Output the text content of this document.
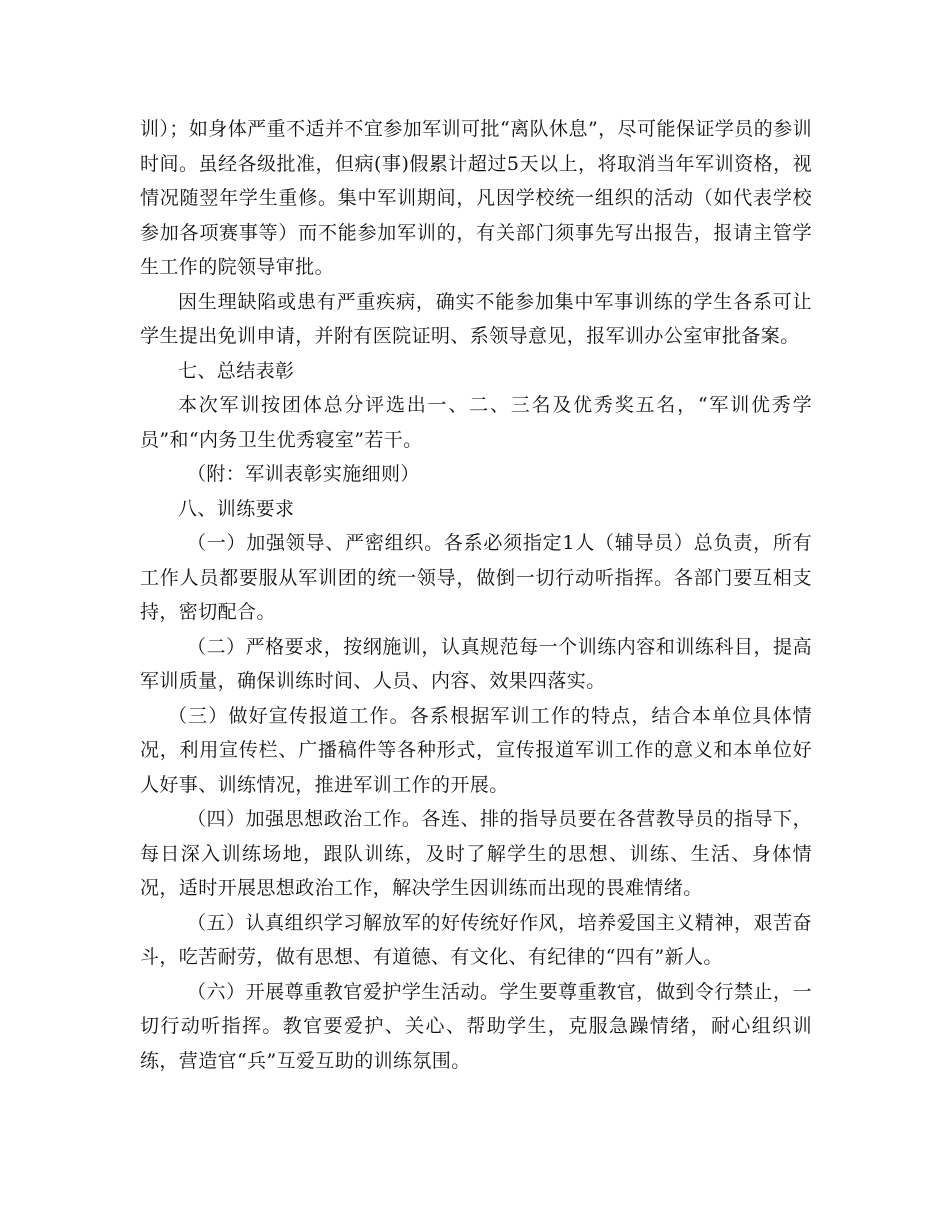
训）；如身体严重不适并不宜参加军训可批“离队休息”，尽可能保证学员的参训时间。虽经各级批准，但病(事)假累计超过5天以上，将取消当年军训资格，视情况随翌年学生重修。集中军训期间，凡因学校统一组织的活动（如代表学校参加各项赛事等）而不能参加军训的，有关部门须事先写出报告，报请主管学生工作的院领导审批。

因生理缺陷或患有严重疾病，确实不能参加集中军事训练的学生各系可让学生提出免训申请，并附有医院证明、系领导意见，报军训办公室审批备案。

七、总结表彰

本次军训按团体总分评选出一、二、三名及优秀奖五名，“军训优秀学员”和“内务卫生优秀寝室”若干。

（附：军训表彰实施细则）

八、训练要求

（一）加强领导、严密组织。各系必须指定1人（辅导员）总负责，所有工作人员都要服从军训团的统一领导，做倒一切行动听指挥。各部门要互相支持，密切配合。

（二）严格要求，按纲施训，认真规范每一个训练内容和训练科目，提高军训质量，确保训练时间、人员、内容、效果四落实。

（三）做好宣传报道工作。各系根据军训工作的特点，结合本单位具体情况，利用宣传栏、广播稿件等各种形式，宣传报道军训工作的意义和本单位好人好事、训练情况，推进军训工作的开展。

（四）加强思想政治工作。各连、排的指导员要在各营教导员的指导下，每日深入训练场地，跟队训练，及时了解学生的思想、训练、生活、身体情况，适时开展思想政治工作，解决学生因训练而出现的畏难情绪。

（五）认真组织学习解放军的好传统好作风，培养爱国主义精神，艰苦奋斗，吃苦耐劳，做有思想、有道德、有文化、有纪律的“四有”新人。

（六）开展尊重教官爱护学生活动。学生要尊重教官，做到令行禁止，一切行动听指挥。教官要爱护、关心、帮助学生，克服急躁情绪，耐心组织训练，营造官“兵”互爱互助的训练氛围。
